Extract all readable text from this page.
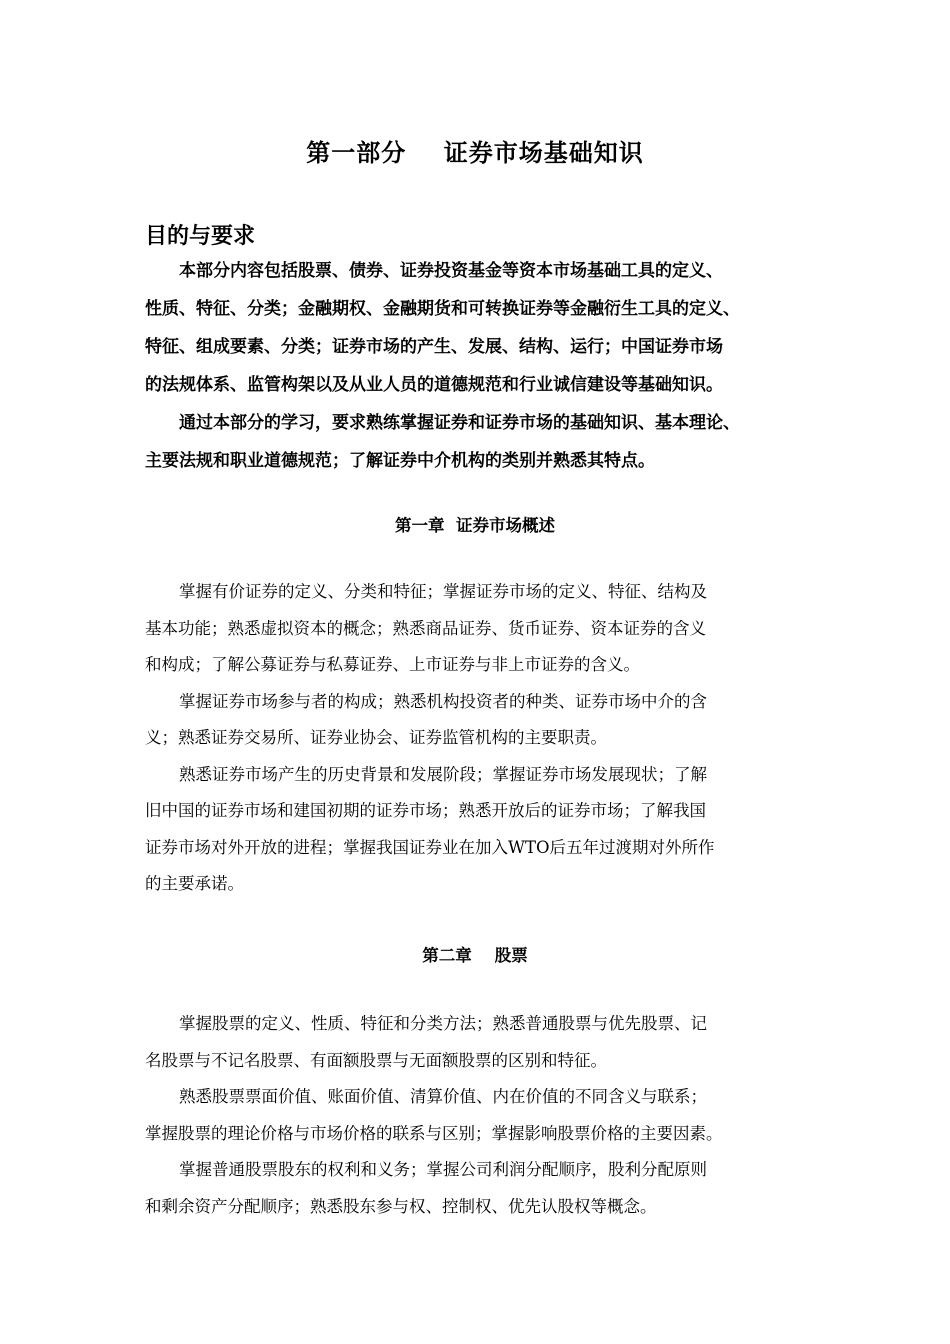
第一部分    证券市场基础知识
目的与要求
本部分内容包括股票、债券、证券投资基金等资本市场基础工具的定义、
性质、特征、分类；金融期权、金融期货和可转换证券等金融衍生工具的定义、
特征、组成要素、分类；证券市场的产生、发展、结构、运行；中国证券市场
的法规体系、监管构架以及从业人员的道德规范和行业诚信建设等基础知识。
通过本部分的学习，要求熟练掌握证券和证券市场的基础知识、基本理论、
主要法规和职业道德规范；了解证券中介机构的类别并熟悉其特点。
第一章  证券市场概述
掌握有价证券的定义、分类和特征；掌握证券市场的定义、特征、结构及
基本功能；熟悉虚拟资本的概念；熟悉商品证券、货币证券、资本证券的含义
和构成；了解公募证券与私募证券、上市证券与非上市证券的含义。
掌握证券市场参与者的构成；熟悉机构投资者的种类、证券市场中介的含
义；熟悉证券交易所、证券业协会、证券监管机构的主要职责。
熟悉证券市场产生的历史背景和发展阶段；掌握证券市场发展现状；了解
旧中国的证券市场和建国初期的证券市场；熟悉开放后的证券市场；了解我国
证券市场对外开放的进程；掌握我国证券业在加入WTO后五年过渡期对外所作
的主要承诺。
第二章    股票
掌握股票的定义、性质、特征和分类方法；熟悉普通股票与优先股票、记
名股票与不记名股票、有面额股票与无面额股票的区别和特征。
熟悉股票票面价值、账面价值、清算价值、内在价值的不同含义与联系；
掌握股票的理论价格与市场价格的联系与区别；掌握影响股票价格的主要因素。
掌握普通股票股东的权利和义务；掌握公司利润分配顺序，股利分配原则
和剩余资产分配顺序；熟悉股东参与权、控制权、优先认股权等概念。
